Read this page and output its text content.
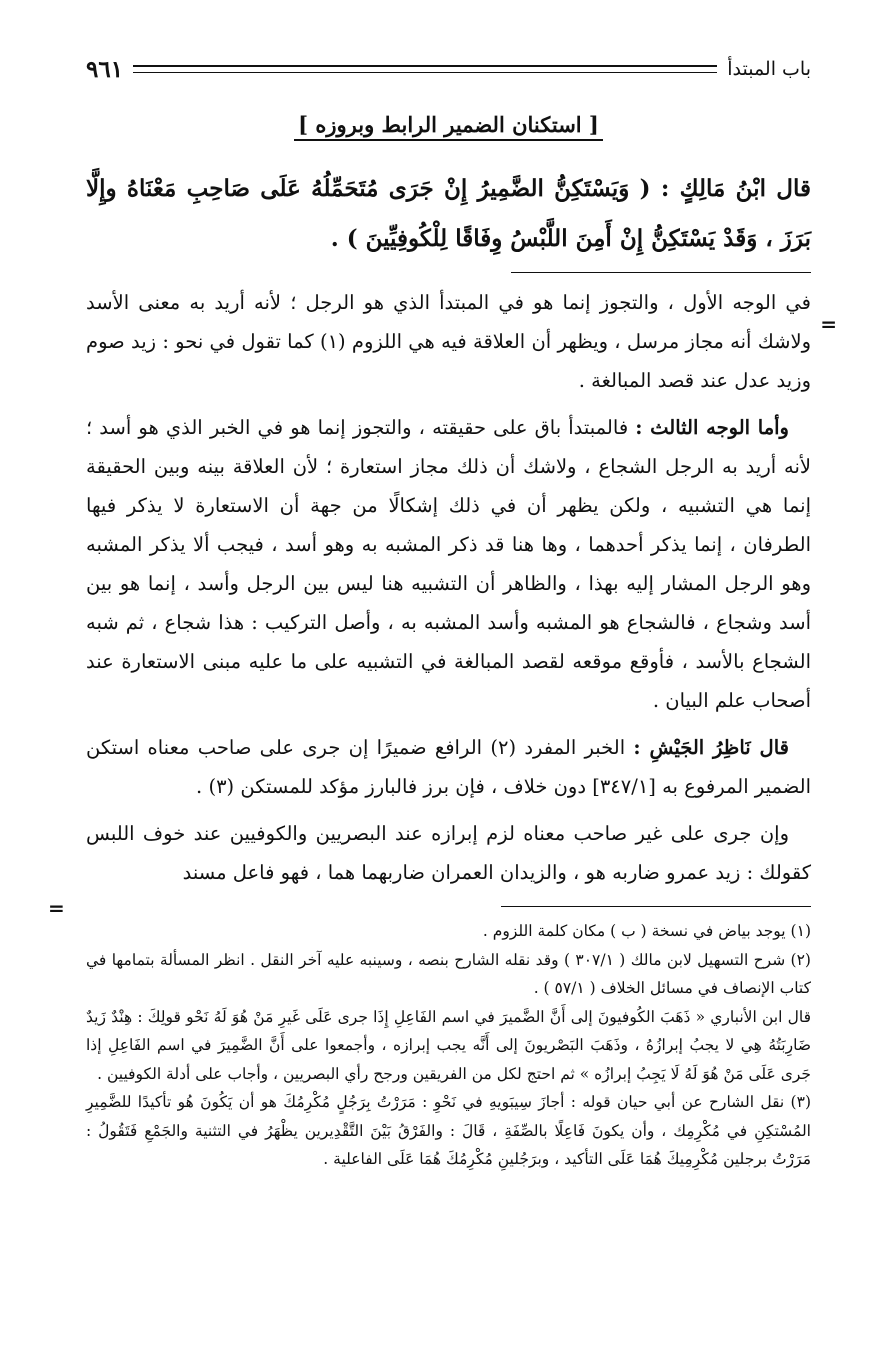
=
=
باب المبتدأ
٩٦١
[ استكنان الضمير الرابط وبروزه ]
قال ابْنُ مَالِكٍ : ( وَيَسْتَكِنُّ الضَّمِيرُ إِنْ جَرَى مُتَحَمِّلُهُ عَلَى صَاحِبِ مَعْنَاهُ وإِلَّا بَرَزَ ، وَقَدْ يَسْتَكِنُّ إِنْ أَمِنَ اللَّبْسُ وِفَاقًا لِلْكُوفِيِّينَ ) .

في الوجه الأول ، والتجوز إنما هو في المبتدأ الذي هو الرجل ؛ لأنه أريد به معنى الأسد ولاشك أنه مجاز مرسل ، ويظهر أن العلاقة فيه هي اللزوم (١) كما تقول في نحو : زيد صوم وزيد عدل عند قصد المبالغة .

وأما الوجه الثالث : فالمبتدأ باق على حقيقته ، والتجوز إنما هو في الخبر الذي هو أسد ؛ لأنه أريد به الرجل الشجاع ، ولاشك أن ذلك مجاز استعارة ؛ لأن العلاقة بينه وبين الحقيقة إنما هي التشبيه ، ولكن يظهر أن في ذلك إشكالًا من جهة أن الاستعارة لا يذكر فيها الطرفان ، إنما يذكر أحدهما ، وها هنا قد ذكر المشبه به وهو أسد ، فيجب ألا يذكر المشبه وهو الرجل المشار إليه بهذا ، والظاهر أن التشبيه هنا ليس بين الرجل وأسد ، إنما هو بين أسد وشجاع ، فالشجاع هو المشبه وأسد المشبه به ، وأصل التركيب : هذا شجاع ، ثم شبه الشجاع بالأسد ، فأوقع موقعه لقصد المبالغة في التشبيه على ما عليه مبنى الاستعارة عند أصحاب علم البيان .

قال نَاظِرُ الجَيْشِ : الخبر المفرد (٢) الرافع ضميرًا إن جرى على صاحب معناه استكن الضمير المرفوع به [٣٤٧/١] دون خلاف ، فإن برز فالبارز مؤكد للمستكن (٣) .

وإن جرى على غير صاحب معناه لزم إبرازه عند البصريين والكوفيين عند خوف اللبس كقولك : زيد عمرو ضاربه هو ، والزيدان العمران ضاربهما هما ، فهو فاعل مسند

(١) يوجد بياض في نسخة ( ب ) مكان كلمة اللزوم .

(٢) شرح التسهيل لابن مالك ( ٣٠٧/١ ) وقد نقله الشارح بنصه ، وسينبه عليه آخر النقل . انظر المسألة بتمامها في كتاب الإنصاف في مسائل الخلاف ( ٥٧/١ ) .

قال ابن الأنباري « ذَهَبَ الكُوفيونَ إلى أَنَّ الضَّميرَ في اسم الفَاعِلِ إِذَا جرى عَلَى غَيرِ مَنْ هُوَ لَهُ نَحْو قولِكَ : هِنْدٌ زَيدٌ ضَارِبَتُهُ هِي لا يجبُ إبرازُهُ ، وذَهَبَ البَصْريونَ إلى أَنَّه يجب إبرازه ، وأجمعوا على أَنَّ الضَّمِيرَ في اسم الفَاعِلِ إذا جَرى عَلَى مَنْ هُوَ لَهُ لَا يَجِبُ إبرازُه » ثم احتج لكل من الفريقين ورجح رأي البصريين ، وأجاب على أدلة الكوفيين .

(٣) نقل الشارح عن أبي حيان قوله : أجازَ سِيبَويهِ في نَحْوِ : مَرَرْتُ بِرَجُلٍ مُكْرِمُكَ هو أن يَكُونَ هُو تأكيدًا للضَّمِيرِ المُسْتكِنِ في مُكْرِمِك ، وأن يكونَ فَاعِلًا بالصِّفَةِ ، قَالَ : والفَرْقُ بَيْنَ التَّقْدِيرين يظْهَرُ في التثنية والجَمْعِ فَتَقُولُ : مَرَرْتُ برجلين مُكْرِمِيكَ هُمَا عَلَى التأكيد ، وبرَجُلينِ مُكْرِمُكَ هُمَا عَلَى الفاعلية .
